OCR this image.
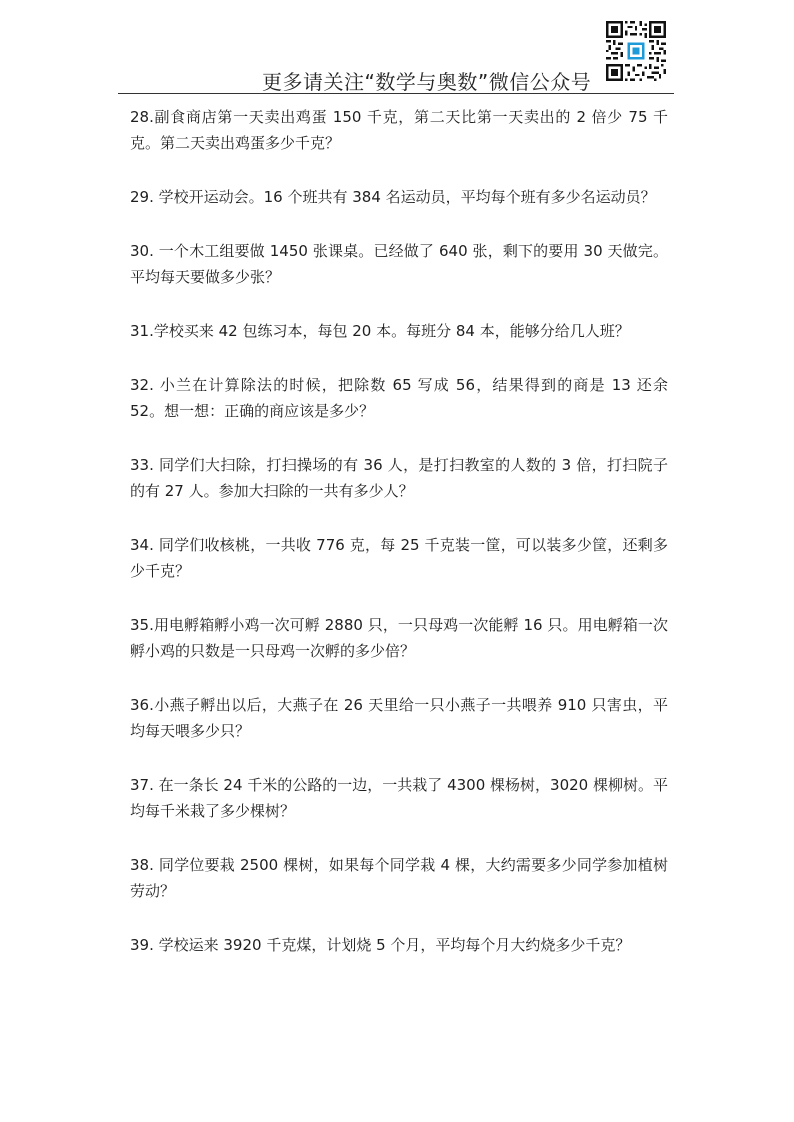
更多请关注“数学与奥数”微信公众号

28.副食商店第一天卖出鸡蛋 150 千克，第二天比第一天卖出的 2 倍少 75 千克。第二天卖出鸡蛋多少千克？

29. 学校开运动会。16 个班共有 384 名运动员，平均每个班有多少名运动员？

30. 一个木工组要做 1450 张课桌。已经做了 640 张，剩下的要用 30 天做完。平均每天要做多少张？

31.学校买来 42 包练习本，每包 20 本。每班分 84 本，能够分给几人班？

32. 小兰在计算除法的时候，把除数 65 写成 56，结果得到的商是 13 还余 52。想一想：正确的商应该是多少？

33. 同学们大扫除，打扫操场的有 36 人，是打扫教室的人数的 3 倍，打扫院子的有 27 人。参加大扫除的一共有多少人？

34. 同学们收核桃，一共收 776 克，每 25 千克装一筐，可以装多少筐，还剩多少千克？

35.用电孵箱孵小鸡一次可孵 2880 只，一只母鸡一次能孵 16 只。用电孵箱一次孵小鸡的只数是一只母鸡一次孵的多少倍？

36.小燕子孵出以后，大燕子在 26 天里给一只小燕子一共喂养 910 只害虫，平均每天喂多少只？

37. 在一条长 24 千米的公路的一边，一共栽了 4300 棵杨树，3020 棵柳树。平均每千米栽了多少棵树？

38. 同学位要栽 2500 棵树，如果每个同学栽 4 棵，大约需要多少同学参加植树劳动？

39. 学校运来 3920 千克煤，计划烧 5 个月，平均每个月大约烧多少千克？
